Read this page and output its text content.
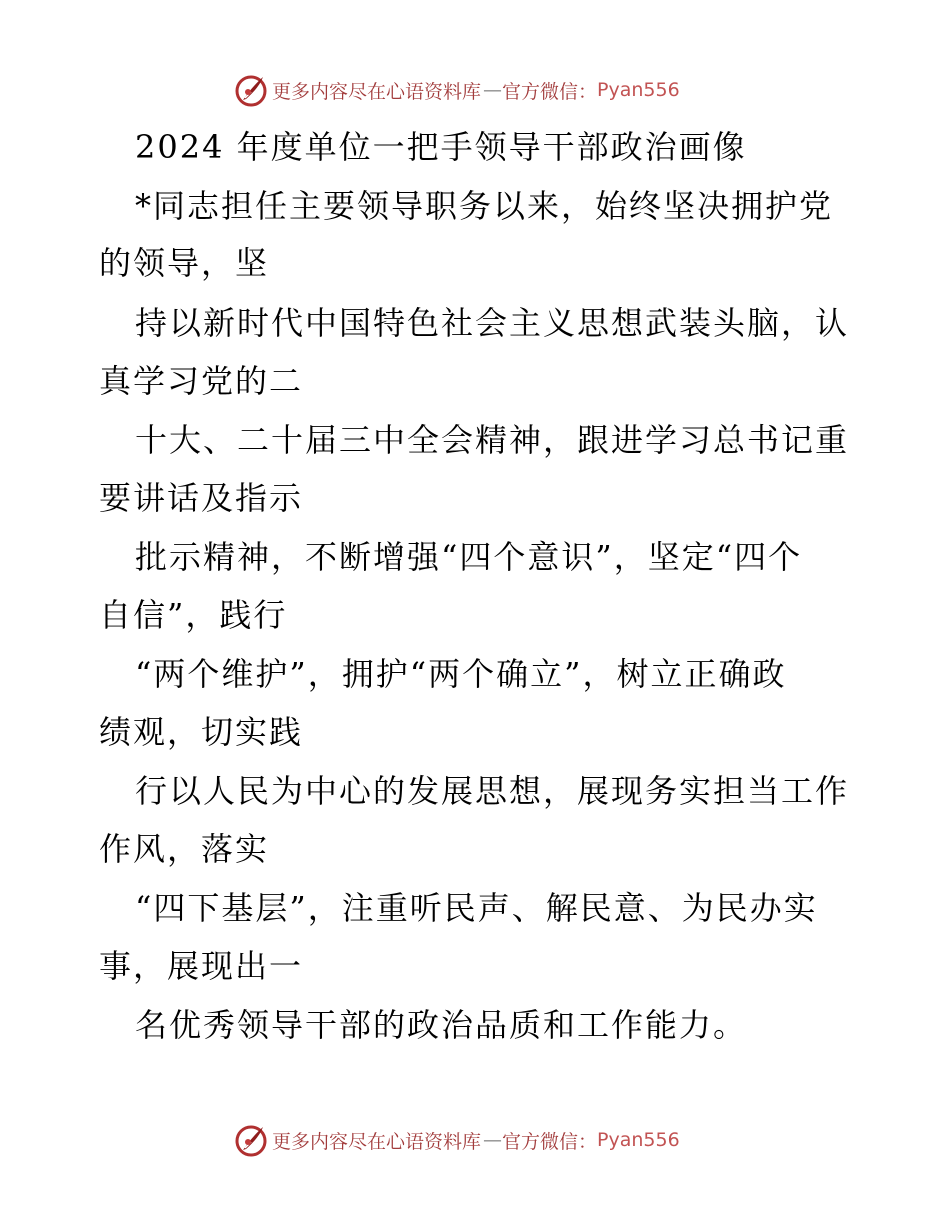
更多内容尽在心语资料库 — 官方微信： Pyan556
2024 年度单位一把手领导干部政治画像
*同志担任主要领导职务以来，始终坚决拥护党
的领导，坚
持以新时代中国特色社会主义思想武装头脑，认
真学习党的二
十大、二十届三中全会精神，跟进学习总书记重
要讲话及指示
批示精神，不断增强“四个意识”，坚定“四个
自信”，践行
“两个维护”，拥护“两个确立”，树立正确政
绩观，切实践
行以人民为中心的发展思想，展现务实担当工作
作风，落实
“四下基层”，注重听民声、解民意、为民办实
事，展现出一
名优秀领导干部的政治品质和工作能力。
更多内容尽在心语资料库 — 官方微信： Pyan556
